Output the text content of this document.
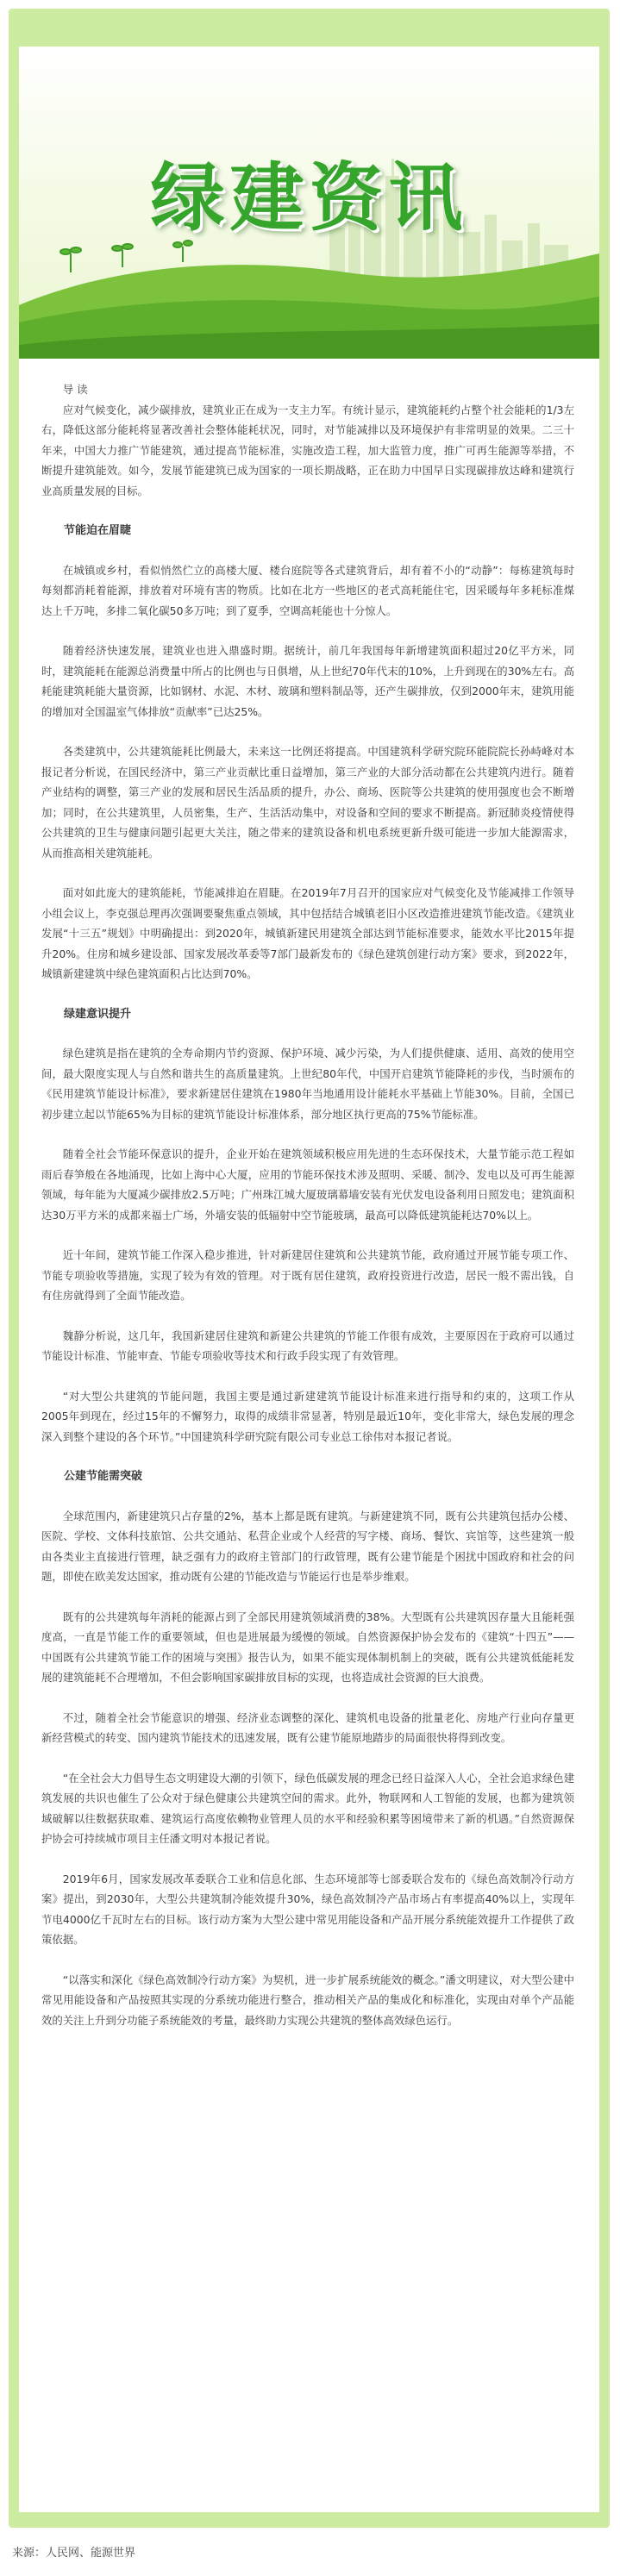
绿建资讯

导 读

应对气候变化，减少碳排放，建筑业正在成为一支主力军。有统计显示，建筑能耗约占整个社会能耗的1/3左右，降低这部分能耗将显著改善社会整体能耗状况，同时，对节能减排以及环境保护有非常明显的效果。二三十年来，中国大力推广节能建筑，通过提高节能标准，实施改造工程，加大监管力度，推广可再生能源等举措，不断提升建筑能效。如今，发展节能建筑已成为国家的一项长期战略，正在助力中国早日实现碳排放达峰和建筑行业高质量发展的目标。

节能迫在眉睫

在城镇或乡村，看似悄然伫立的高楼大厦、楼台庭院等各式建筑背后，却有着不小的“动静”：每栋建筑每时每刻都消耗着能源，排放着对环境有害的物质。比如在北方一些地区的老式高耗能住宅，因采暖每年多耗标准煤达上千万吨，多排二氧化碳50多万吨；到了夏季，空调高耗能也十分惊人。

随着经济快速发展，建筑业也进入鼎盛时期。据统计，前几年我国每年新增建筑面积超过20亿平方米，同时，建筑能耗在能源总消费量中所占的比例也与日俱增，从上世纪70年代末的10%，上升到现在的30%左右。高耗能建筑耗能大量资源，比如钢材、水泥、木材、玻璃和塑料制品等，还产生碳排放，仅到2000年末，建筑用能的增加对全国温室气体排放“贡献率”已达25%。

各类建筑中，公共建筑能耗比例最大，未来这一比例还将提高。中国建筑科学研究院环能院院长孙峙峰对本报记者分析说，在国民经济中，第三产业贡献比重日益增加，第三产业的大部分活动都在公共建筑内进行。随着产业结构的调整，第三产业的发展和居民生活品质的提升，办公、商场、医院等公共建筑的使用强度也会不断增加；同时，在公共建筑里，人员密集，生产、生活活动集中，对设备和空间的要求不断提高。新冠肺炎疫情使得公共建筑的卫生与健康问题引起更大关注，随之带来的建筑设备和机电系统更新升级可能进一步加大能源需求，从而推高相关建筑能耗。

面对如此庞大的建筑能耗，节能减排迫在眉睫。在2019年7月召开的国家应对气候变化及节能减排工作领导小组会议上，李克强总理再次强调要聚焦重点领域，其中包括结合城镇老旧小区改造推进建筑节能改造。《建筑业发展“十三五”规划》中明确提出：到2020年，城镇新建民用建筑全部达到节能标准要求，能效水平比2015年提升20%。住房和城乡建设部、国家发展改革委等7部门最新发布的《绿色建筑创建行动方案》要求，到2022年，城镇新建建筑中绿色建筑面积占比达到70%。

绿建意识提升

绿色建筑是指在建筑的全寿命期内节约资源、保护环境、减少污染，为人们提供健康、适用、高效的使用空间，最大限度实现人与自然和谐共生的高质量建筑。上世纪80年代，中国开启建筑节能降耗的步伐，当时颁布的《民用建筑节能设计标准》，要求新建居住建筑在1980年当地通用设计能耗水平基础上节能30%。目前，全国已初步建立起以节能65%为目标的建筑节能设计标准体系，部分地区执行更高的75%节能标准。

随着全社会节能环保意识的提升，企业开始在建筑领域积极应用先进的生态环保技术，大量节能示范工程如雨后春笋般在各地涌现，比如上海中心大厦，应用的节能环保技术涉及照明、采暖、制冷、发电以及可再生能源领域，每年能为大厦减少碳排放2.5万吨；广州珠江城大厦玻璃幕墙安装有光伏发电设备利用日照发电；建筑面积达30万平方米的成都来福士广场，外墙安装的低辐射中空节能玻璃，最高可以降低建筑能耗达70%以上。

近十年间，建筑节能工作深入稳步推进，针对新建居住建筑和公共建筑节能，政府通过开展节能专项工作、节能专项验收等措施，实现了较为有效的管理。对于既有居住建筑，政府投资进行改造，居民一般不需出钱，自有住房就得到了全面节能改造。

魏静分析说，这几年，我国新建居住建筑和新建公共建筑的节能工作很有成效，主要原因在于政府可以通过节能设计标准、节能审查、节能专项验收等技术和行政手段实现了有效管理。

“对大型公共建筑的节能问题，我国主要是通过新建建筑节能设计标准来进行指导和约束的，这项工作从2005年到现在，经过15年的不懈努力，取得的成绩非常显著，特别是最近10年，变化非常大，绿色发展的理念深入到整个建设的各个环节。”中国建筑科学研究院有限公司专业总工徐伟对本报记者说。

公建节能需突破

全球范围内，新建建筑只占存量的2%，基本上都是既有建筑。与新建建筑不同，既有公共建筑包括办公楼、医院、学校、文体科技旅馆、公共交通站、私营企业或个人经营的写字楼、商场、餐饮、宾馆等，这些建筑一般由各类业主直接进行管理，缺乏强有力的政府主管部门的行政管理，既有公建节能是个困扰中国政府和社会的问题，即使在欧美发达国家，推动既有公建的节能改造与节能运行也是举步维艰。

既有的公共建筑每年消耗的能源占到了全部民用建筑领域消费的38%。大型既有公共建筑因存量大且能耗强度高，一直是节能工作的重要领域，但也是进展最为缓慢的领域。自然资源保护协会发布的《建筑“十四五”——中国既有公共建筑节能工作的困境与突围》报告认为，如果不能实现体制机制上的突破，既有公共建筑低能耗发展的建筑能耗不合理增加，不但会影响国家碳排放目标的实现，也将造成社会资源的巨大浪费。

不过，随着全社会节能意识的增强、经济业态调整的深化、建筑机电设备的批量老化、房地产行业向存量更新经营模式的转变、国内建筑节能技术的迅速发展，既有公建节能原地踏步的局面很快将得到改变。

“在全社会大力倡导生态文明建设大潮的引领下，绿色低碳发展的理念已经日益深入人心，全社会追求绿色建筑发展的共识也催生了公众对于绿色健康公共建筑空间的需求。此外，物联网和人工智能的发展，也都为建筑领域破解以往数据获取难、建筑运行高度依赖物业管理人员的水平和经验积累等困境带来了新的机遇。”自然资源保护协会可持续城市项目主任潘文明对本报记者说。

2019年6月，国家发展改革委联合工业和信息化部、生态环境部等七部委联合发布的《绿色高效制冷行动方案》提出，到2030年，大型公共建筑制冷能效提升30%，绿色高效制冷产品市场占有率提高40%以上，实现年节电4000亿千瓦时左右的目标。该行动方案为大型公建中常见用能设备和产品开展分系统能效提升工作提供了政策依据。

“以落实和深化《绿色高效制冷行动方案》为契机，进一步扩展系统能效的概念。”潘文明建议，对大型公建中常见用能设备和产品按照其实现的分系统功能进行整合，推动相关产品的集成化和标准化，实现由对单个产品能效的关注上升到分功能子系统能效的考量，最终助力实现公共建筑的整体高效绿色运行。

来源：人民网、能源世界
